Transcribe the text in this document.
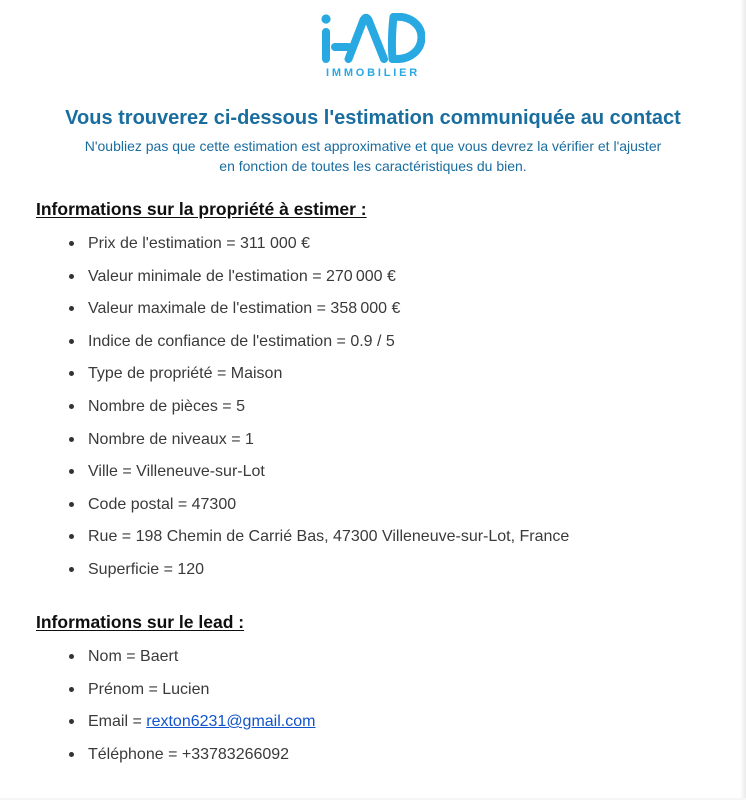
IMMOBILIER
Vous trouverez ci-dessous l'estimation communiquée au contact
N'oubliez pas que cette estimation est approximative et que vous devrez la vérifier et l'ajuster
en fonction de toutes les caractéristiques du bien.
Informations sur la propriété à estimer :
Prix de l'estimation = 311 000 €
Valeur minimale de l'estimation = 270 000 €
Valeur maximale de l'estimation = 358 000 €
Indice de confiance de l'estimation = 0.9 / 5
Type de propriété = Maison
Nombre de pièces = 5
Nombre de niveaux = 1
Ville = Villeneuve-sur-Lot
Code postal = 47300
Rue = 198 Chemin de Carrié Bas, 47300 Villeneuve-sur-Lot, France
Superficie = 120
Informations sur le lead :
Nom = Baert
Prénom = Lucien
Email = rexton6231@gmail.com
Téléphone = +33783266092
